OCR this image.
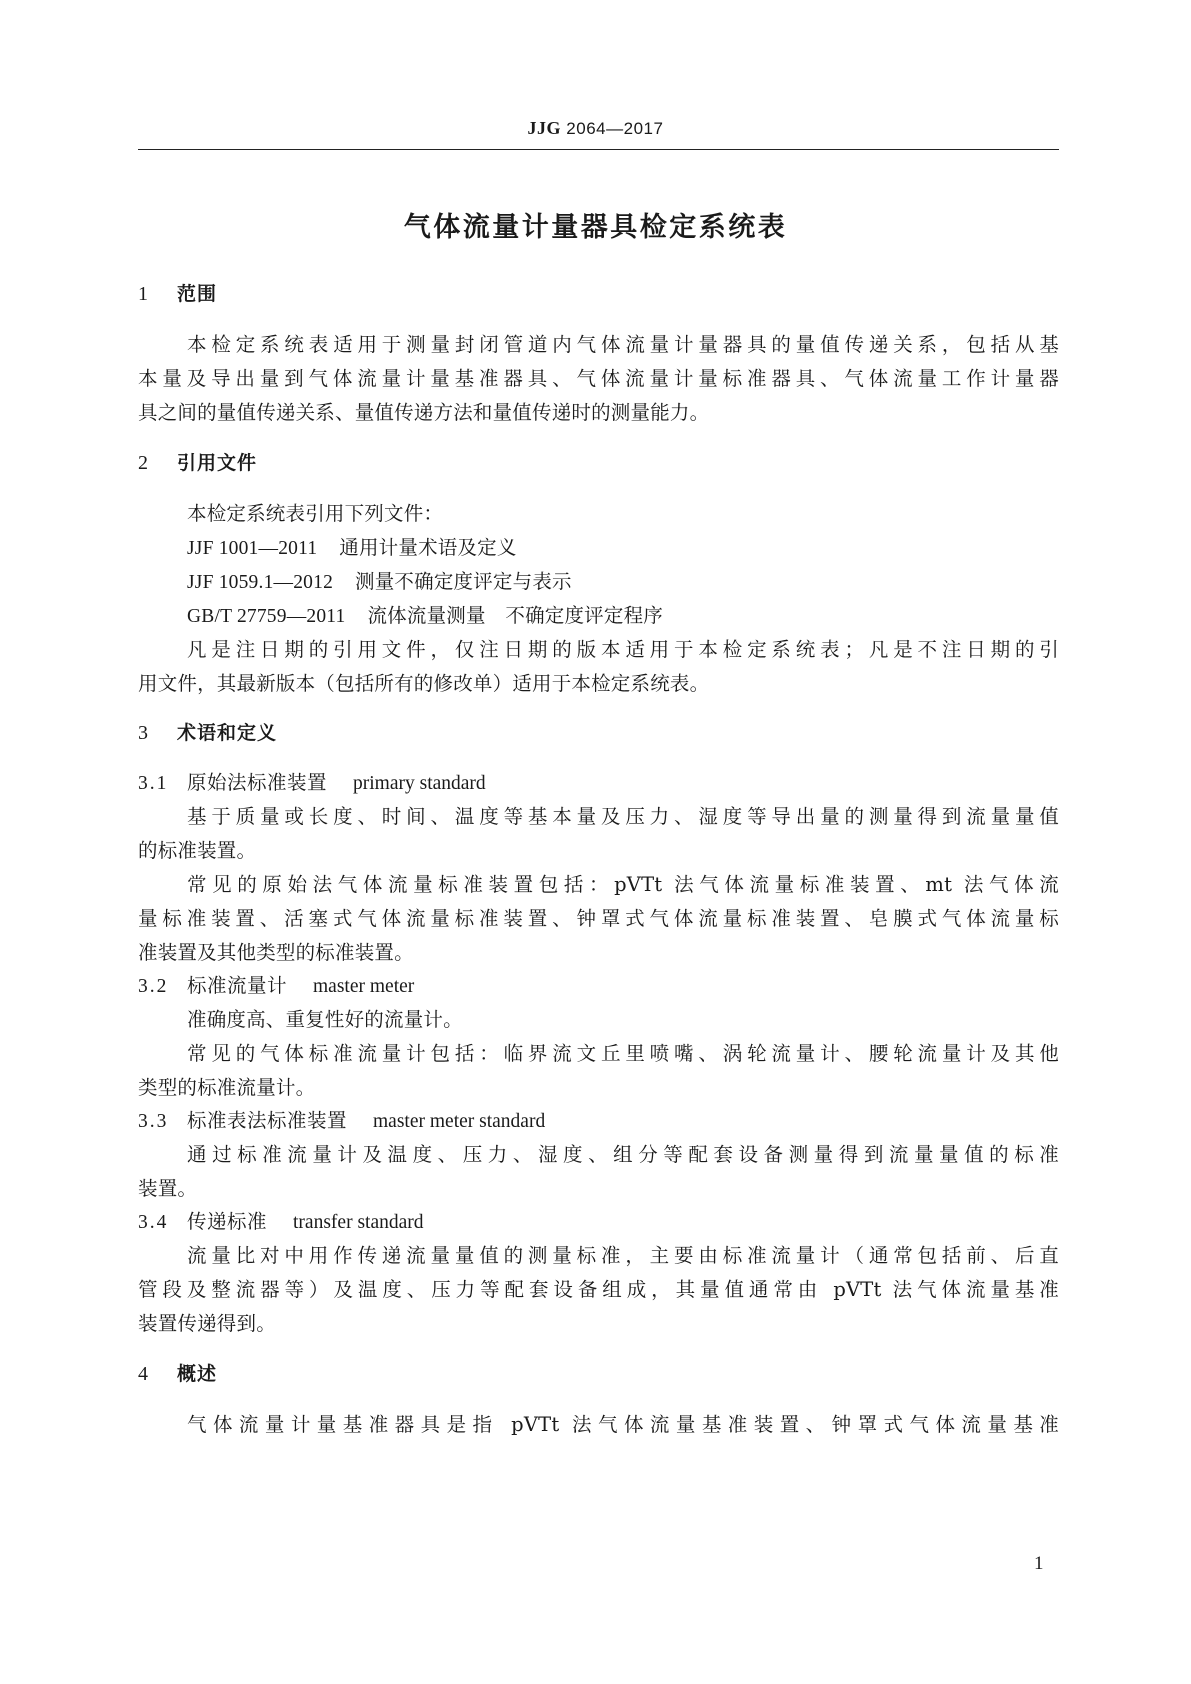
JJG 2064—2017
气体流量计量器具检定系统表
1 范围
本检定系统表适用于测量封闭管道内气体流量计量器具的量值传递关系，包括从基
本量及导出量到气体流量计量基准器具、气体流量计量标准器具、气体流量工作计量器
具之间的量值传递关系、量值传递方法和量值传递时的测量能力。
2 引用文件
本检定系统表引用下列文件：
JJF 1001—2011 通用计量术语及定义
JJF 1059.1—2012 测量不确定度评定与表示
GB/T 27759—2011 流体流量测量　不确定度评定程序
凡是注日期的引用文件，仅注日期的版本适用于本检定系统表；凡是不注日期的引
用文件，其最新版本（包括所有的修改单）适用于本检定系统表。
3 术语和定义
3.1 原始法标准装置 primary standard
基于质量或长度、时间、温度等基本量及压力、湿度等导出量的测量得到流量量值
的标准装置。
常见的原始法气体流量标准装置包括：pVTt 法气体流量标准装置、mt 法气体流
量标准装置、活塞式气体流量标准装置、钟罩式气体流量标准装置、皂膜式气体流量标
准装置及其他类型的标准装置。
3.2 标准流量计 master meter
准确度高、重复性好的流量计。
常见的气体标准流量计包括：临界流文丘里喷嘴、涡轮流量计、腰轮流量计及其他
类型的标准流量计。
3.3 标准表法标准装置 master meter standard
通过标准流量计及温度、压力、湿度、组分等配套设备测量得到流量量值的标准
装置。
3.4 传递标准 transfer standard
流量比对中用作传递流量量值的测量标准，主要由标准流量计（通常包括前、后直
管段及整流器等）及温度、压力等配套设备组成，其量值通常由 pVTt 法气体流量基准
装置传递得到。
4 概述
气体流量计量基准器具是指 pVTt 法气体流量基准装置、钟罩式气体流量基准
1
